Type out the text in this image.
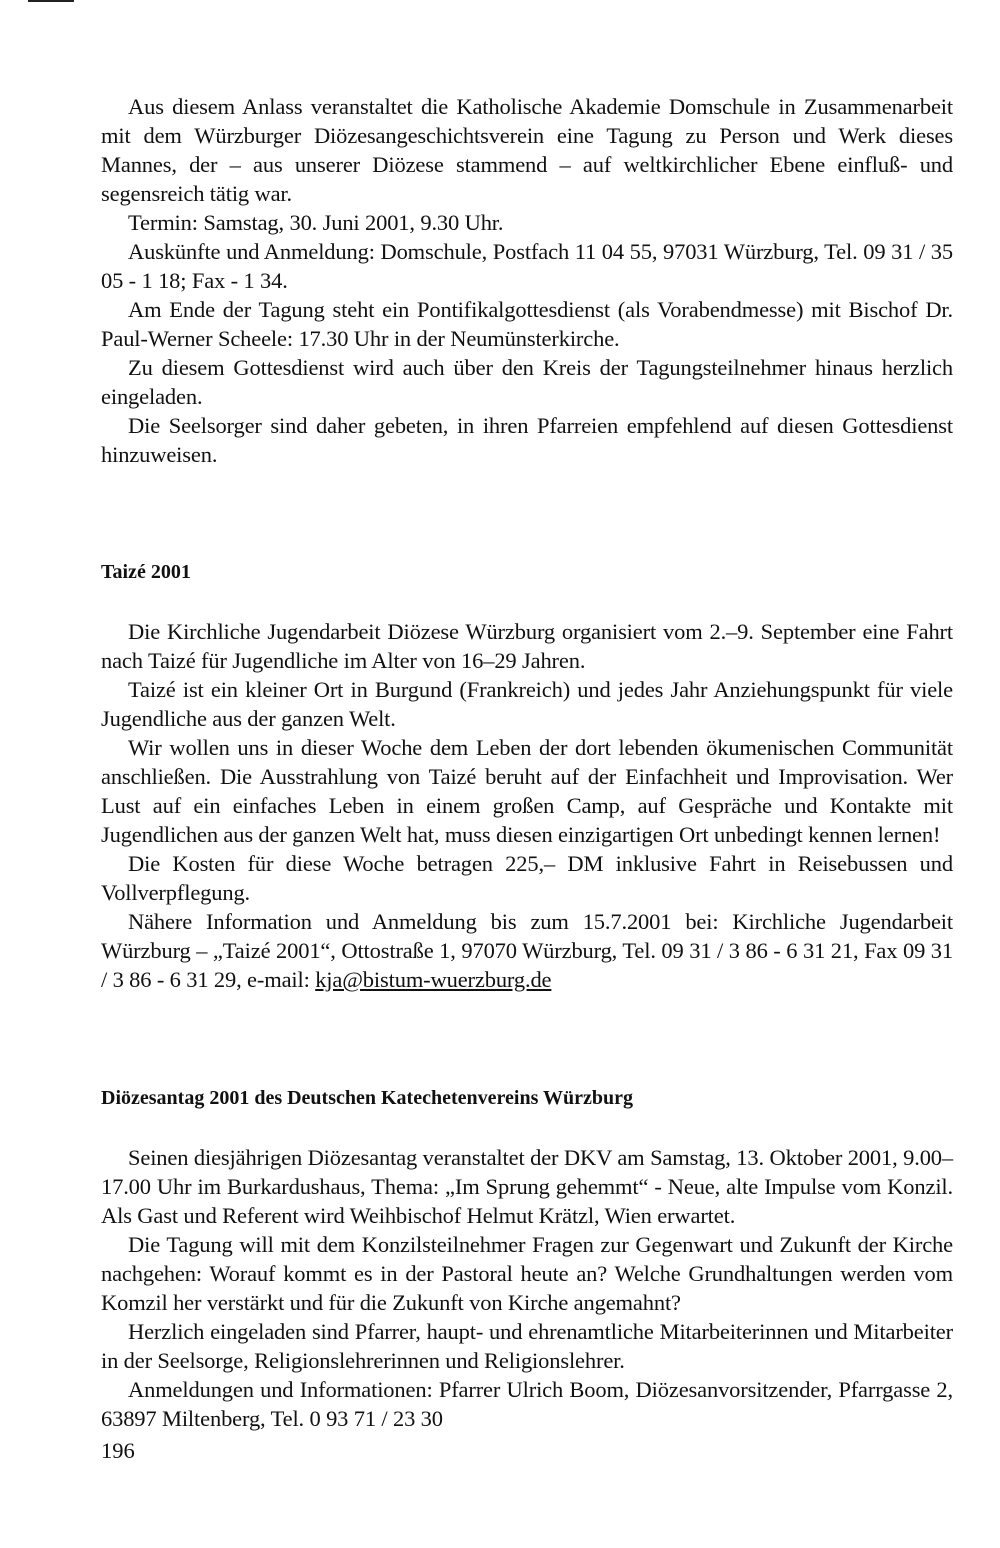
Aus diesem Anlass veranstaltet die Katholische Akademie Domschule in Zusammenarbeit mit dem Würzburger Diözesangeschichtsverein eine Tagung zu Person und Werk dieses Mannes, der – aus unserer Diözese stammend – auf weltkirchlicher Ebene einfluß- und segensreich tätig war.

Termin: Samstag, 30. Juni 2001, 9.30 Uhr.

Auskünfte und Anmeldung: Domschule, Postfach 11 04 55, 97031 Würzburg, Tel. 09 31 / 35 05 - 1 18; Fax - 1 34.

Am Ende der Tagung steht ein Pontifikalgottesdienst (als Vorabendmesse) mit Bischof Dr. Paul-Werner Scheele: 17.30 Uhr in der Neumünsterkirche.

Zu diesem Gottesdienst wird auch über den Kreis der Tagungsteilnehmer hinaus herzlich eingeladen.

Die Seelsorger sind daher gebeten, in ihren Pfarreien empfehlend auf diesen Gottesdienst hinzuweisen.

Taizé 2001

Die Kirchliche Jugendarbeit Diözese Würzburg organisiert vom 2.–9. September eine Fahrt nach Taizé für Jugendliche im Alter von 16–29 Jahren.

Taizé ist ein kleiner Ort in Burgund (Frankreich) und jedes Jahr Anziehungspunkt für viele Jugendliche aus der ganzen Welt.

Wir wollen uns in dieser Woche dem Leben der dort lebenden ökumenischen Communität anschließen. Die Ausstrahlung von Taizé beruht auf der Einfachheit und Improvisation. Wer Lust auf ein einfaches Leben in einem großen Camp, auf Gespräche und Kontakte mit Jugendlichen aus der ganzen Welt hat, muss diesen einzigartigen Ort unbedingt kennen lernen!

Die Kosten für diese Woche betragen 225,– DM inklusive Fahrt in Reisebussen und Vollverpflegung.

Nähere Information und Anmeldung bis zum 15.7.2001 bei: Kirchliche Jugendarbeit Würzburg – „Taizé 2001“, Ottostraße 1, 97070 Würzburg, Tel. 09 31 / 3 86 - 6 31 21, Fax 09 31 / 3 86 - 6 31 29, e-mail: kja@bistum-wuerzburg.de

Diözesantag 2001 des Deutschen Katechetenvereins Würzburg

Seinen diesjährigen Diözesantag veranstaltet der DKV am Samstag, 13. Oktober 2001, 9.00–17.00 Uhr im Burkardushaus, Thema: „Im Sprung gehemmt“ - Neue, alte Impulse vom Konzil. Als Gast und Referent wird Weihbischof Helmut Krätzl, Wien erwartet.

Die Tagung will mit dem Konzilsteilnehmer Fragen zur Gegenwart und Zukunft der Kirche nachgehen: Worauf kommt es in der Pastoral heute an? Welche Grundhaltungen werden vom Komzil her verstärkt und für die Zukunft von Kirche angemahnt?

Herzlich eingeladen sind Pfarrer, haupt- und ehrenamtliche Mitarbeiterinnen und Mitarbeiter in der Seelsorge, Religionslehrerinnen und Religionslehrer.

Anmeldungen und Informationen: Pfarrer Ulrich Boom, Diözesanvorsitzender, Pfarrgasse 2, 63897 Miltenberg, Tel. 0 93 71 / 23 30

196
